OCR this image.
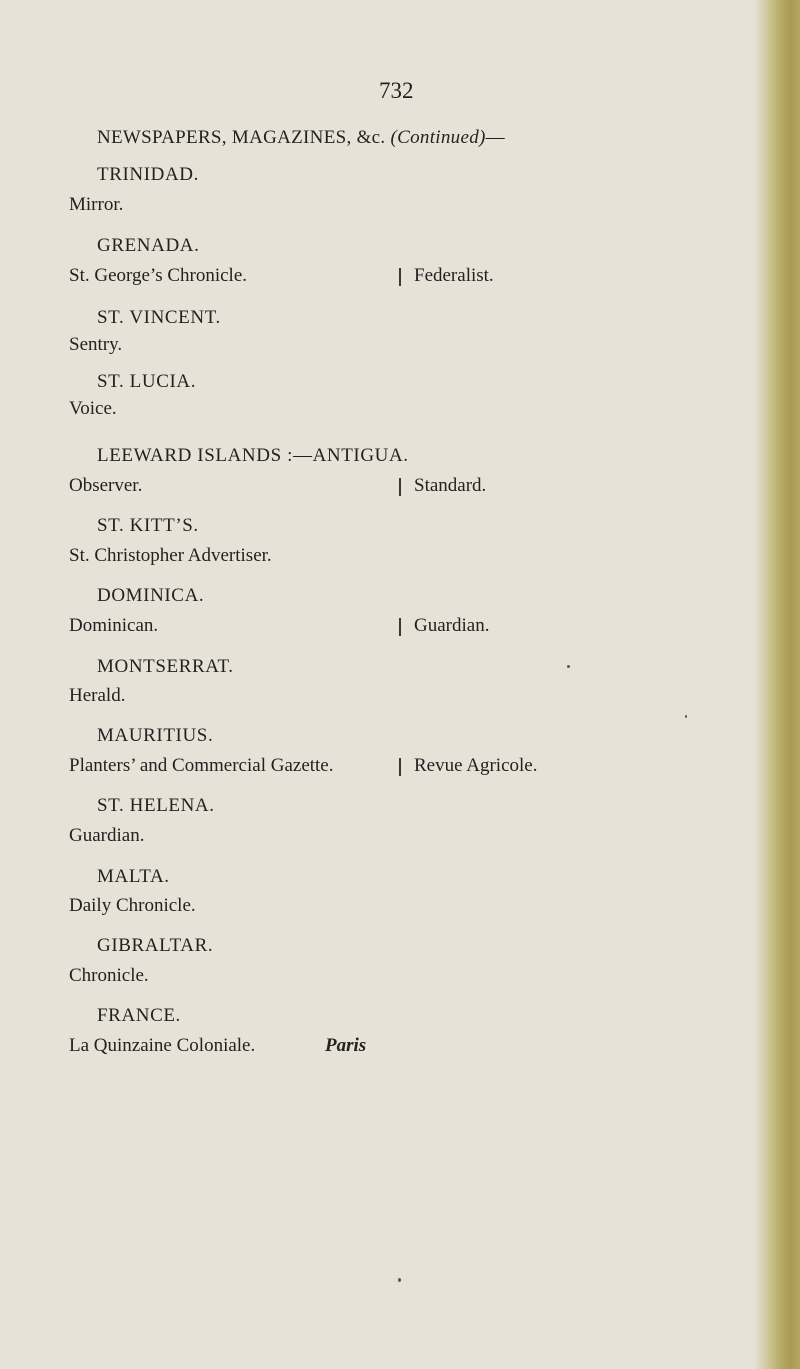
732
NEWSPAPERS, MAGAZINES, &c. (Continued)—
TRINIDAD.
Mirror.
GRENADA.
St. George’s Chronicle.	Federalist.
ST. VINCENT.
Sentry.
ST. LUCIA.
Voice.
LEEWARD ISLANDS :—ANTIGUA.
Observer.	Standard.
ST. KITT’S.
St. Christopher Advertiser.
DOMINICA.
Dominican.	Guardian.
MONTSERRAT.
Herald.
MAURITIUS.
Planters’ and Commercial Gazette.	Revue Agricole.
ST. HELENA.
Guardian.
MALTA.
Daily Chronicle.
GIBRALTAR.
Chronicle.
FRANCE.
La Quinzaine Coloniale.	Paris
